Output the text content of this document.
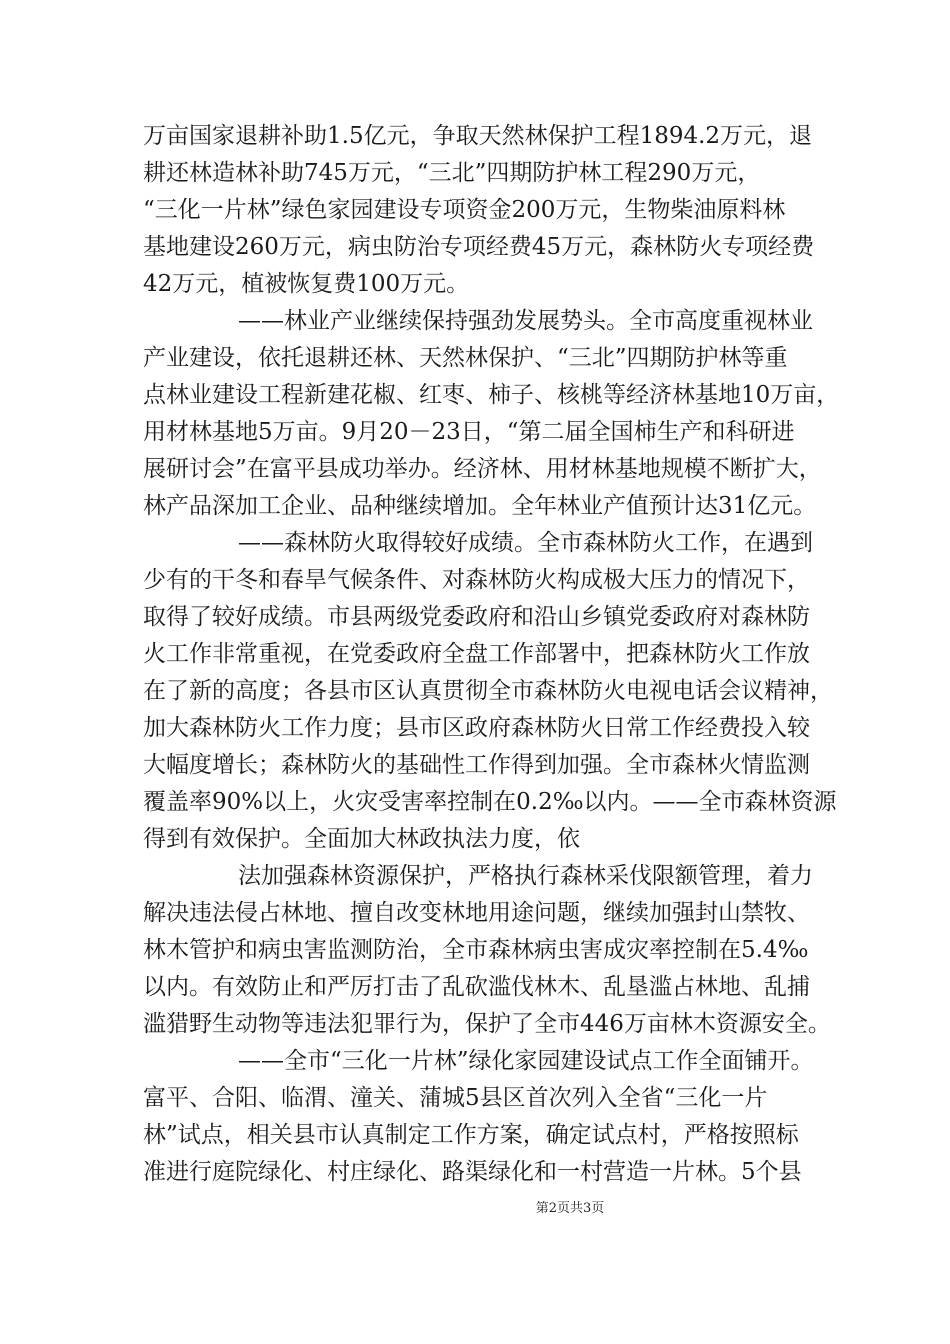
万亩国家退耕补助1.5亿元，争取天然林保护工程1894.2万元，退
耕还林造林补助745万元，“三北”四期防护林工程290万元，
“三化一片林”绿色家园建设专项资金200万元，生物柴油原料林
基地建设260万元，病虫防治专项经费45万元，森林防火专项经费
42万元，植被恢复费100万元。
——林业产业继续保持强劲发展势头。全市高度重视林业
产业建设，依托退耕还林、天然林保护、“三北”四期防护林等重
点林业建设工程新建花椒、红枣、柿子、核桃等经济林基地10万亩，
用材林基地5万亩。9月20－23日，“第二届全国柿生产和科研进
展研讨会”在富平县成功举办。经济林、用材林基地规模不断扩大，
林产品深加工企业、品种继续增加。全年林业产值预计达31亿元。
——森林防火取得较好成绩。全市森林防火工作，在遇到
少有的干冬和春旱气候条件、对森林防火构成极大压力的情况下，
取得了较好成绩。市县两级党委政府和沿山乡镇党委政府对森林防
火工作非常重视，在党委政府全盘工作部署中，把森林防火工作放
在了新的高度；各县市区认真贯彻全市森林防火电视电话会议精神，
加大森林防火工作力度；县市区政府森林防火日常工作经费投入较
大幅度增长；森林防火的基础性工作得到加强。全市森林火情监测
覆盖率90%以上，火灾受害率控制在0.2‰以内。——全市森林资源
得到有效保护。全面加大林政执法力度，依
法加强森林资源保护，严格执行森林采伐限额管理，着力
解决违法侵占林地、擅自改变林地用途问题，继续加强封山禁牧、
林木管护和病虫害监测防治，全市森林病虫害成灾率控制在5.4‰
以内。有效防止和严厉打击了乱砍滥伐林木、乱垦滥占林地、乱捕
滥猎野生动物等违法犯罪行为，保护了全市446万亩林木资源安全。
——全市“三化一片林”绿化家园建设试点工作全面铺开。
富平、合阳、临渭、潼关、蒲城5县区首次列入全省“三化一片
林”试点，相关县市认真制定工作方案，确定试点村，严格按照标
准进行庭院绿化、村庄绿化、路渠绿化和一村营造一片林。5个县
第2页共3页
